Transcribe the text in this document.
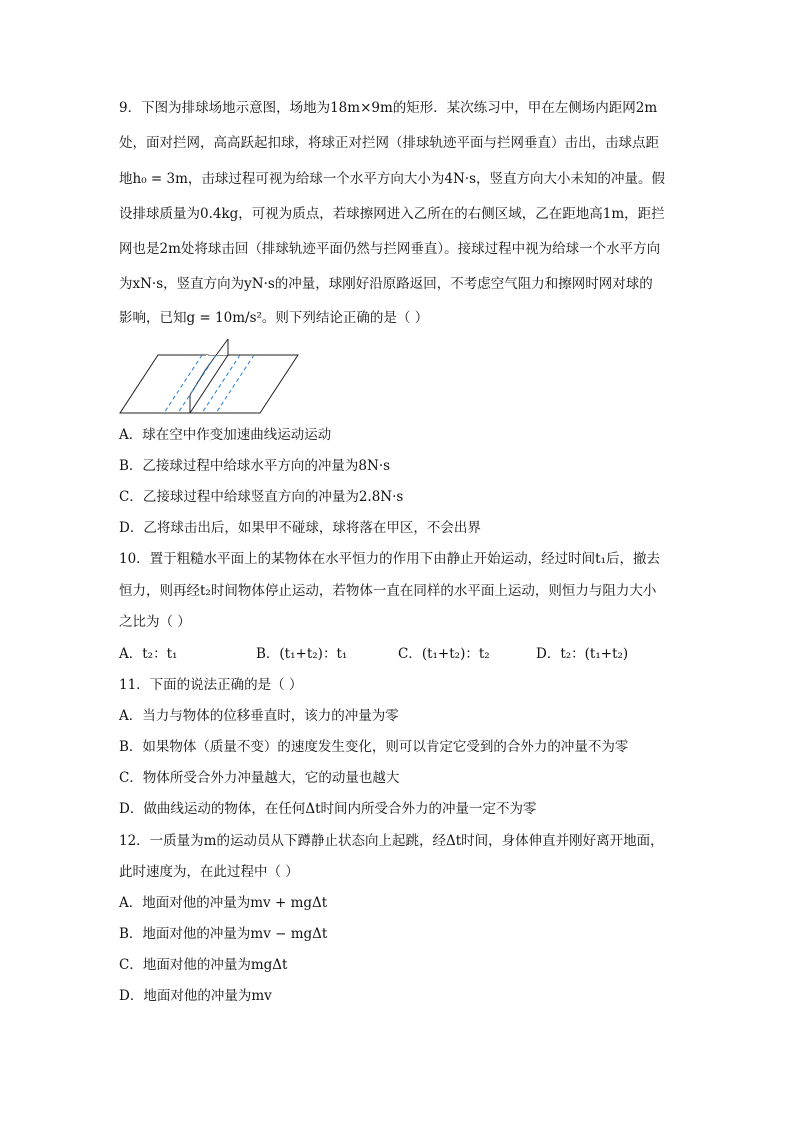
9．下图为排球场地示意图，场地为18m×9m的矩形．某次练习中，甲在左侧场内距网2m
处，面对拦网，高高跃起扣球，将球正对拦网（排球轨迹平面与拦网垂直）击出，击球点距
地h₀ = 3m，击球过程可视为给球一个水平方向大小为4N·s，竖直方向大小未知的冲量。假
设排球质量为0.4kg，可视为质点，若球擦网进入乙所在的右侧区域，乙在距地高1m，距拦
网也是2m处将球击回（排球轨迹平面仍然与拦网垂直）。接球过程中视为给球一个水平方向
为xN·s，竖直方向为yN·s的冲量，球刚好沿原路返回，不考虑空气阻力和擦网时网对球的
影响，已知g = 10m/s²。则下列结论正确的是（ ）
A．球在空中作变加速曲线运动运动
B．乙接球过程中给球水平方向的冲量为8N·s
C．乙接球过程中给球竖直方向的冲量为2.8N·s
D．乙将球击出后，如果甲不碰球，球将落在甲区，不会出界
10．置于粗糙水平面上的某物体在水平恒力的作用下由静止开始运动，经过时间t₁后，撤去
恒力，则再经t₂时间物体停止运动，若物体一直在同样的水平面上运动，则恒力与阻力大小
之比为（ ）
A．t₂：t₁	B．(t₁+t₂)：t₁	C．(t₁+t₂)：t₂	D．t₂：(t₁+t₂)
11．下面的说法正确的是（ ）
A．当力与物体的位移垂直时，该力的冲量为零
B．如果物体（质量不变）的速度发生变化，则可以肯定它受到的合外力的冲量不为零
C．物体所受合外力冲量越大，它的动量也越大
D．做曲线运动的物体，在任何Δt时间内所受合外力的冲量一定不为零
12．一质量为m的运动员从下蹲静止状态向上起跳，经Δt时间，身体伸直并刚好离开地面，
此时速度为，在此过程中（ ）
A．地面对他的冲量为mv + mgΔt
B．地面对他的冲量为mv − mgΔt
C．地面对他的冲量为mgΔt
D．地面对他的冲量为mv
